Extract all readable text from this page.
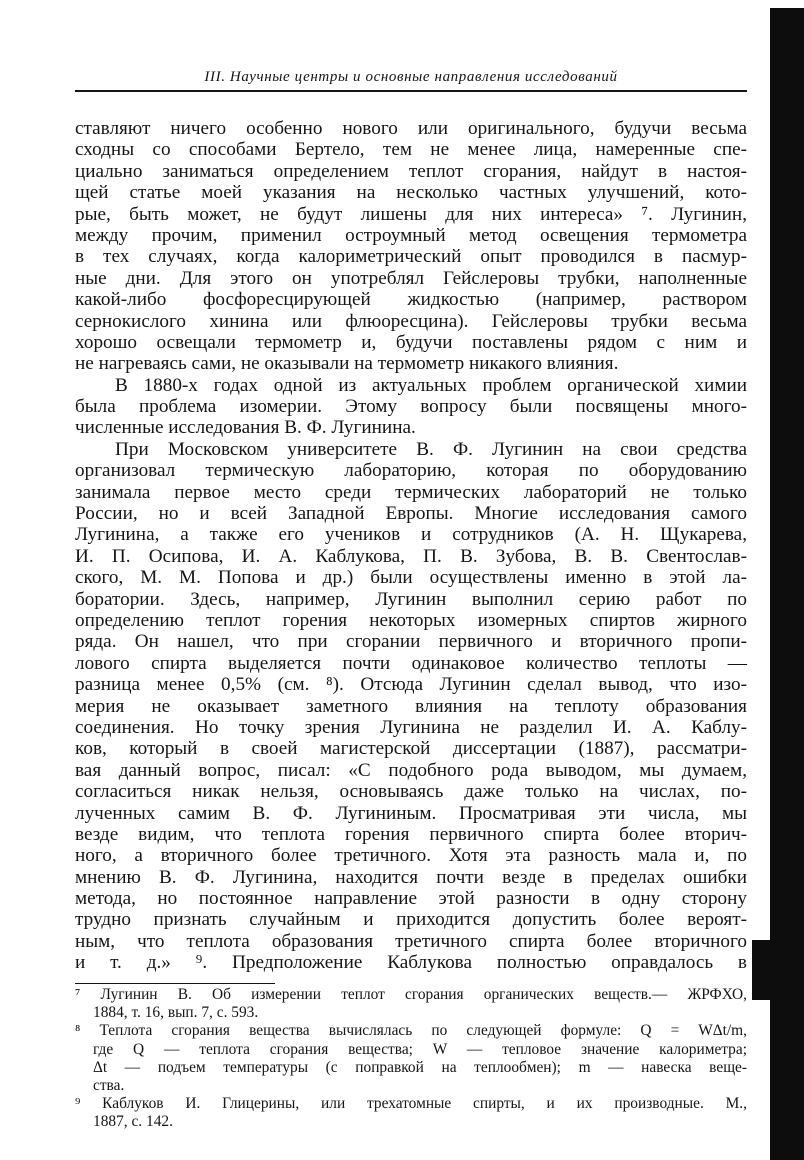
III. Научные центры и основные направления исследований
ставляют ничего особенно нового или оригинального, будучи весьма
сходны со способами Бертело, тем не менее лица, намеренные спе-
циально заниматься определением теплот сгорания, найдут в настоя-
щей статье моей указания на несколько частных улучшений, кото-
рые, быть может, не будут лишены для них интереса» ⁷. Лугинин,
между прочим, применил остроумный метод освещения термометра
в тех случаях, когда калориметрический опыт проводился в пасмур-
ные дни. Для этого он употреблял Гейслеровы трубки, наполненные
какой-либо фосфоресцирующей жидкостью (например, раствором
сернокислого хинина или флюоресцина). Гейслеровы трубки весьма
хорошо освещали термометр и, будучи поставлены рядом с ним и
не нагреваясь сами, не оказывали на термометр никакого влияния.
В 1880-х годах одной из актуальных проблем органической химии
была проблема изомерии. Этому вопросу были посвящены много-
численные исследования В. Ф. Лугинина.
При Московском университете В. Ф. Лугинин на свои средства
организовал термическую лабораторию, которая по оборудованию
занимала первое место среди термических лабораторий не только
России, но и всей Западной Европы. Многие исследования самого
Лугинина, а также его учеников и сотрудников (А. Н. Щукарева,
И. П. Осипова, И. А. Каблукова, П. В. Зубова, В. В. Свентослав-
ского, М. М. Попова и др.) были осуществлены именно в этой ла-
боратории. Здесь, например, Лугинин выполнил серию работ по
определению теплот горения некоторых изомерных спиртов жирного
ряда. Он нашел, что при сгорании первичного и вторичного пропи-
лового спирта выделяется почти одинаковое количество теплоты —
разница менее 0,5% (см. ⁸). Отсюда Лугинин сделал вывод, что изо-
мерия не оказывает заметного влияния на теплоту образования
соединения. Но точку зрения Лугинина не разделил И. А. Каблу-
ков, который в своей магистерской диссертации (1887), рассматри-
вая данный вопрос, писал: «С подобного рода выводом, мы думаем,
согласиться никак нельзя, основываясь даже только на числах, по-
лученных самим В. Ф. Лугининым. Просматривая эти числа, мы
везде видим, что теплота горения первичного спирта более вторич-
ного, а вторичного более третичного. Хотя эта разность мала и, по
мнению В. Ф. Лугинина, находится почти везде в пределах ошибки
метода, но постоянное направление этой разности в одну сторону
трудно признать случайным и приходится допустить более вероят-
ным, что теплота образования третичного спирта более вторичного
и т. д.» ⁹. Предположение Каблукова полностью оправдалось в
⁷ Лугинин В. Об измерении теплот сгорания органических веществ.— ЖРФХО,
1884, т. 16, вып. 7, с. 593.
⁸ Теплота сгорания вещества вычислялась по следующей формуле: Q = WΔt/m,
где Q — теплота сгорания вещества; W — тепловое значение калориметра;
Δt — подъем температуры (с поправкой на теплообмен); m — навеска веще-
ства.
⁹ Каблуков И. Глицерины, или трехатомные спирты, и их производные. М.,
1887, с. 142.
